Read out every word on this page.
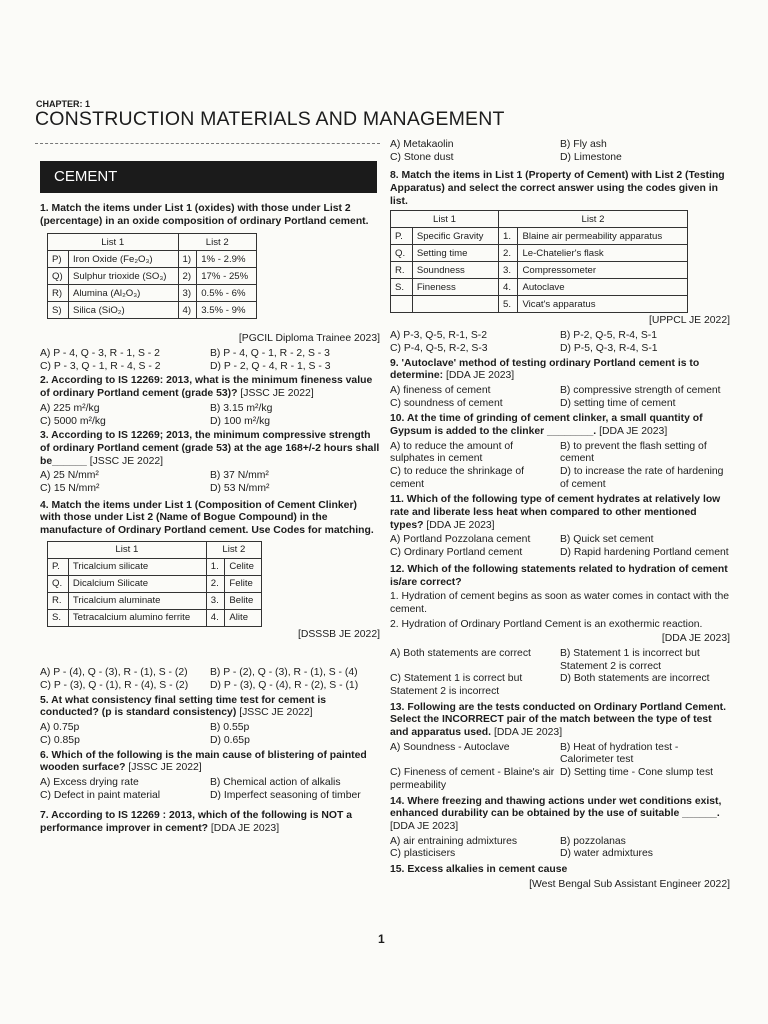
CHAPTER: 1
CONSTRUCTION MATERIALS AND MANAGEMENT
CEMENT

1. Match the items under List 1 (oxides) with those under List 2 (percentage) in an oxide composition of ordinary Portland cement.

List 1		List 2	
P)	Iron Oxide (Fe₂O₃)	1)	1% - 2.9%
Q)	Sulphur trioxide (SO₃)	2)	17% - 25%
R)	Alumina (Al₂O₃)	3)	0.5% - 6%
S)	Silica (SiO₂)	4)	3.5% - 9%

[PGCIL Diploma Trainee 2023]

A) P - 4, Q - 3, R - 1, S - 2	B) P - 4, Q - 1, R - 2, S - 3
C) P - 3, Q - 1, R - 4, S - 2	D) P - 2, Q - 4, R - 1, S - 3

2. According to IS 12269: 2013, what is the minimum fineness value of ordinary Portland cement (grade 53)? [JSSC JE 2022]

A) 225 m²/kg	B) 3.15 m²/kg
C) 5000 m²/kg	D) 100 m²/kg

3. According to IS 12269; 2013, the minimum compressive strength of ordinary Portland cement (grade 53) at the age 168+/-2 hours shall be______ [JSSC JE 2022]

A) 25 N/mm²	B) 37 N/mm²
C) 15 N/mm²	D) 53 N/mm²

4. Match the items under List 1 (Composition of Cement Clinker) with those under List 2 (Name of Bogue Compound) in the manufacture of Ordinary Portland cement. Use Codes for matching.

List 1		List 2	
P.	Tricalcium silicate	1.	Celite
Q.	Dicalcium Silicate	2.	Felite
R.	Tricalcium aluminate	3.	Belite
S.	Tetracalcium alumino ferrite	4.	Alite

[DSSSB JE 2022]

A) P - (4), Q - (3), R - (1), S - (2)	B) P - (2), Q - (3), R - (1), S - (4)
C) P - (3), Q - (1), R - (4), S - (2)	D) P - (3), Q - (4), R - (2), S - (1)

5. At what consistency final setting time test for cement is conducted? (p is standard consistency) [JSSC JE 2022]

A) 0.75p	B) 0.55p
C) 0.85p	D) 0.65p

6. Which of the following is the main cause of blistering of painted wooden surface? [JSSC JE 2022]

A) Excess drying rate	B) Chemical action of alkalis
C) Defect in paint material	D) Imperfect seasoning of timber

7. According to IS 12269 : 2013, which of the following is NOT a performance improver in cement? [DDA JE 2023]

A) Metakaolin	B) Fly ash
C) Stone dust	D) Limestone

8. Match the items in List 1 (Property of Cement) with List 2 (Testing Apparatus) and select the correct answer using the codes given in list.

List 1		List 2	
P.	Specific Gravity	1.	Blaine air permeability apparatus
Q.	Setting time	2.	Le-Chatelier's flask
R.	Soundness	3.	Compressometer
S.	Fineness	4.	Autoclave
		5.	Vicat's apparatus

[UPPCL JE 2022]

A) P-3, Q-5, R-1, S-2	B) P-2, Q-5, R-4, S-1
C) P-4, Q-5, R-2, S-3	D) P-5, Q-3, R-4, S-1

9. 'Autoclave' method of testing ordinary Portland cement is to determine: [DDA JE 2023]

A) fineness of cement	B) compressive strength of cement
C) soundness of cement	D) setting time of cement

10. At the time of grinding of cement clinker, a small quantity of Gypsum is added to the clinker ________. [DDA JE 2023]

A) to reduce the amount of sulphates in cement
B) to prevent the flash setting of cement
C) to reduce the shrinkage of cement
D) to increase the rate of hardening of cement

11. Which of the following type of cement hydrates at relatively low rate and liberate less heat when compared to other mentioned types? [DDA JE 2023]

A) Portland Pozzolana cement	B) Quick set cement
C) Ordinary Portland cement	D) Rapid hardening Portland cement

12. Which of the following statements related to hydration of cement is/are correct?

1. Hydration of cement begins as soon as water comes in contact with the cement.

2. Hydration of Ordinary Portland Cement is an exothermic reaction.

[DDA JE 2023]

A) Both statements are correct	B) Statement 1 is incorrect but Statement 2 is correct
C) Statement 1 is correct but Statement 2 is incorrect
D) Both statements are incorrect

13. Following are the tests conducted on Ordinary Portland Cement. Select the INCORRECT pair of the match between the type of test and apparatus used. [DDA JE 2023]

A) Soundness - Autoclave	B) Heat of hydration test - Calorimeter test
C) Fineness of cement - Blaine's air permeability
D) Setting time - Cone slump test

14. Where freezing and thawing actions under wet conditions exist, enhanced durability can be obtained by the use of suitable ______. [DDA JE 2023]

A) air entraining admixtures	B) pozzolanas
C) plasticisers	D) water admixtures

15. Excess alkalies in cement cause

[West Bengal Sub Assistant Engineer 2022]

1
